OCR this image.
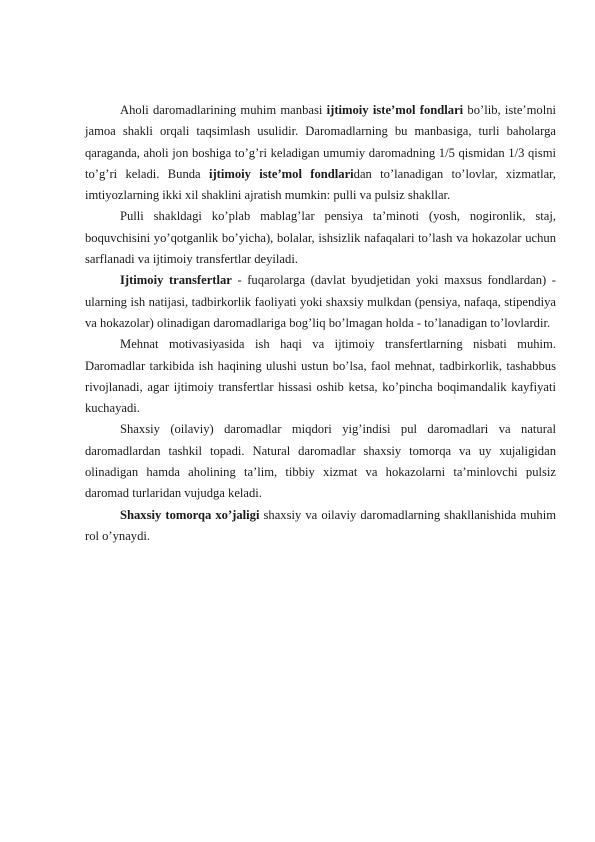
Aholi daromadlarining muhim manbasi ijtimoiy iste’mol fondlari bo’lib, iste’molni jamoa shakli orqali taqsimlash usulidir. Daromadlarning bu manbasiga, turli baholarga qaraganda, aholi jon boshiga to’g’ri keladigan umumiy daromadning 1/5 qismidan 1/3 qismi to’g’ri keladi. Bunda ijtimoiy iste’mol fondlaridan to’lanadigan to’lovlar, xizmatlar, imtiyozlarning ikki xil shaklini ajratish mumkin: pulli va pulsiz shakllar.

Pulli shakldagi ko’plab mablag’lar pensiya ta’minoti (yosh, nogironlik, staj, boquvchisini yo’qotganlik bo’yicha), bolalar, ishsizlik nafaqalari to’lash va hokazolar uchun sarflanadi va ijtimoiy transfertlar deyiladi.

Ijtimoiy transfertlar - fuqarolarga (davlat byudjetidan yoki maxsus fondlardan) - ularning ish natijasi, tadbirkorlik faoliyati yoki shaxsiy mulkdan (pensiya, nafaqa, stipendiya va hokazolar) olinadigan daromadlariga bog’liq bo’lmagan holda - to’lanadigan to’lovlardir.

Mehnat motivasiyasida ish haqi va ijtimoiy transfertlarning nisbati muhim. Daromadlar tarkibida ish haqining ulushi ustun bo’lsa, faol mehnat, tadbirkorlik, tashabbus rivojlanadi, agar ijtimoiy transfertlar hissasi oshib ketsa, ko’pincha boqimandalik kayfiyati kuchayadi.

Shaxsiy (oilaviy) daromadlar miqdori yig’indisi pul daromadlari va natural daromadlardan tashkil topadi. Natural daromadlar shaxsiy tomorqa va uy xujaligidan olinadigan hamda aholining ta’lim, tibbiy xizmat va hokazolarni ta’minlovchi pulsiz daromad turlaridan vujudga keladi.

Shaxsiy tomorqa xo’jaligi shaxsiy va oilaviy daromadlarning shakllanishida muhim rol o’ynaydi.
